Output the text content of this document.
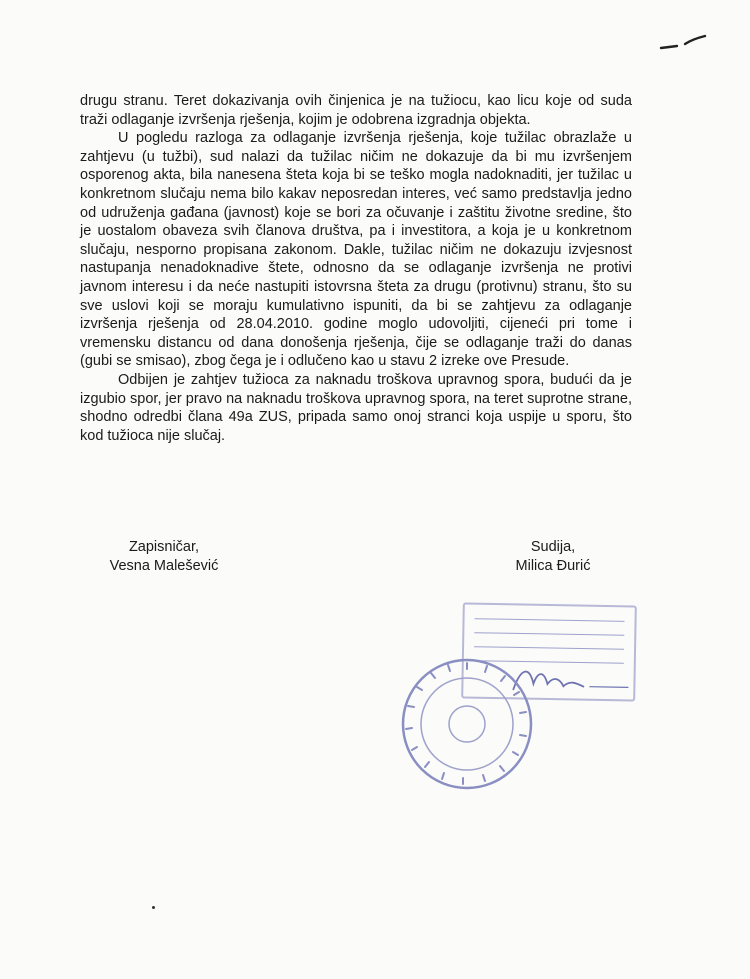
drugu stranu. Teret dokazivanja ovih činjenica je na tužiocu, kao licu koje od suda traži odlaganje izvršenja rješenja, kojim je odobrena izgradnja objekta.

U pogledu razloga za odlaganje izvršenja rješenja, koje tužilac obrazlaže u zahtjevu (u tužbi), sud nalazi da tužilac ničim ne dokazuje da bi mu izvršenjem osporenog akta, bila nanesena šteta koja bi se teško mogla nadoknaditi, jer tužilac u konkretnom slučaju nema bilo kakav neposredan interes, već samo predstavlja jedno od udruženja gađana (javnost) koje se bori za očuvanje i zaštitu životne sredine, što je uostalom obaveza svih članova društva, pa i investitora, a koja je u konkretnom slučaju, nesporno propisana zakonom. Dakle, tužilac ničim ne dokazuju izvjesnost nastupanja nenadoknadive štete, odnosno da se odlaganje izvršenja ne protivi javnom interesu i da neće nastupiti istovrsna šteta za drugu (protivnu) stranu, što su sve uslovi koji se moraju kumulativno ispuniti, da bi se zahtjevu za odlaganje izvršenja rješenja od 28.04.2010. godine moglo udovoljiti, cijeneći pri tome i vremensku distancu od dana donošenja rješenja, čije se odlaganje traži do danas (gubi se smisao), zbog čega je i odlučeno kao u stavu 2 izreke ove Presude.

Odbijen je zahtjev tužioca za naknadu troškova upravnog spora, budući da je izgubio spor, jer pravo na naknadu troškova upravnog spora, na teret suprotne strane, shodno odredbi člana 49a ZUS, pripada samo onoj stranci koja uspije u sporu, što kod tužioca nije slučaj.

Zapisničar,
Vesna Malešević
Sudija,
Milica Đurić
